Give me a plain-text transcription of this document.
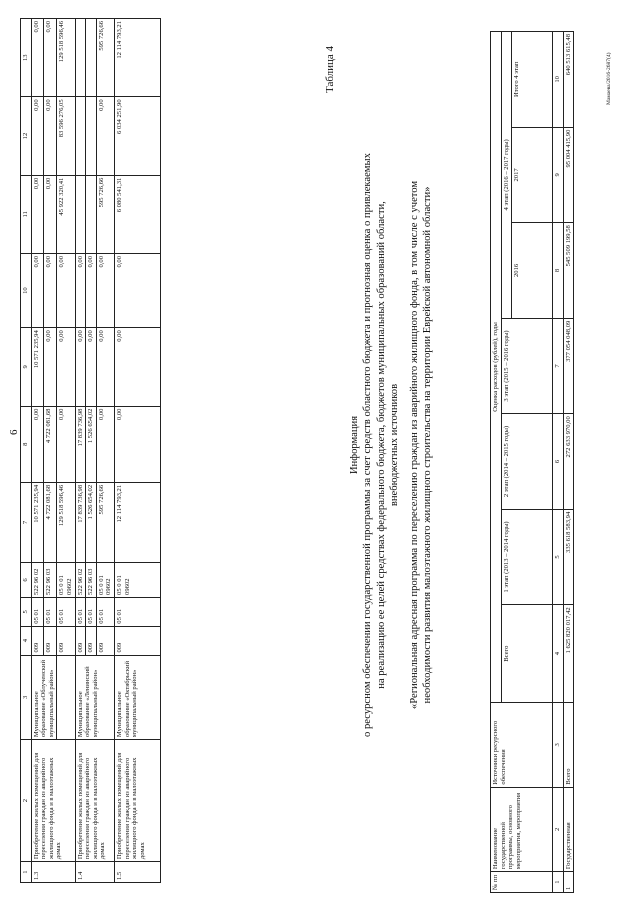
6
1	2	3	4	5	6	7	8	9	10	11	12	13
1.3	Приобретение жилых помещений для переселения граждан из аварийного жилищного фонда и в малоэтажных домах	Муниципальное образование «Облученский муниципальный район»	009	05 01	522 96 02	10 571 235,94	0,00	10 571 235,94	0,00	0,00	0,00	0,00
			009	05 01	522 96 03	4 722 081,68	4 722 081,68	0,00	0,00	0,00	0,00	0,00
			009	05 01	05 0 01 09602	129 518 596,46	0,00	0,00	0,00	45 922 320,41	83 596 276,05	129 518 596,46
1.4	Приобретение жилых помещений для переселения граждан из аварийного жилищного фонда и в малоэтажных домах	Муниципальное образование «Ленинский муниципальный район»	009	05 01	522 96 02	17 839 736,98	17 839 736,98	0,00	0,00			
			009	05 01	522 96 03	1 526 654,02	1 526 654,02	0,00	0,00			
			009	05 01	05 0 01 09602	595 726,66	0,00	0,00	0,00	595 726,66	0,00	595 726,66
1.5	Приобретение жилых помещений для переселения граждан из аварийного жилищного фонда и в малоэтажных домах	Муниципальное образование «Октябрьский муниципальный район»	009	05 01	05 0 01 09602	12 114 793,21	0,00	0,00	0,00	6 080 541,31	6 034 251,90	12 114 793,21
Таблица 4
Информация о ресурсном обеспечении государственной программы за счет средств областного бюджета и прогнозная оценка о привлекаемых на реализацию ее целей средствах федерального бюджета, бюджетов муниципальных образований области, внебюджетных источников «Региональная адресная программа по переселению граждан из аварийного жилищного фонда, в том числе с учетом необходимости развития малоэтажного жилищного строительства на территории Еврейской автономной области»
№ пп	Наименование государственной программы, основного мероприятия, мероприятия	Источники ресурсного обеспечения	Оценка расходов (рублей), годы						
			Всего	1 этап (2013 – 2014 годы)	2 этап (2014 – 2015 годы)	3 этап (2015 – 2016 годы)	4 этап (2016 – 2017 годы)		
							2016	2017	Итого 4 этап
1	2	3	4	5	6	7	8	9	10
1	Государственная	Всего	1 625 820 017,42	335 618 583,94	272 633 970,00	377 054 048,09	545 509 199,58	95 004 415,90	640 513 615,48	Мамаева/2016-2687(4)
